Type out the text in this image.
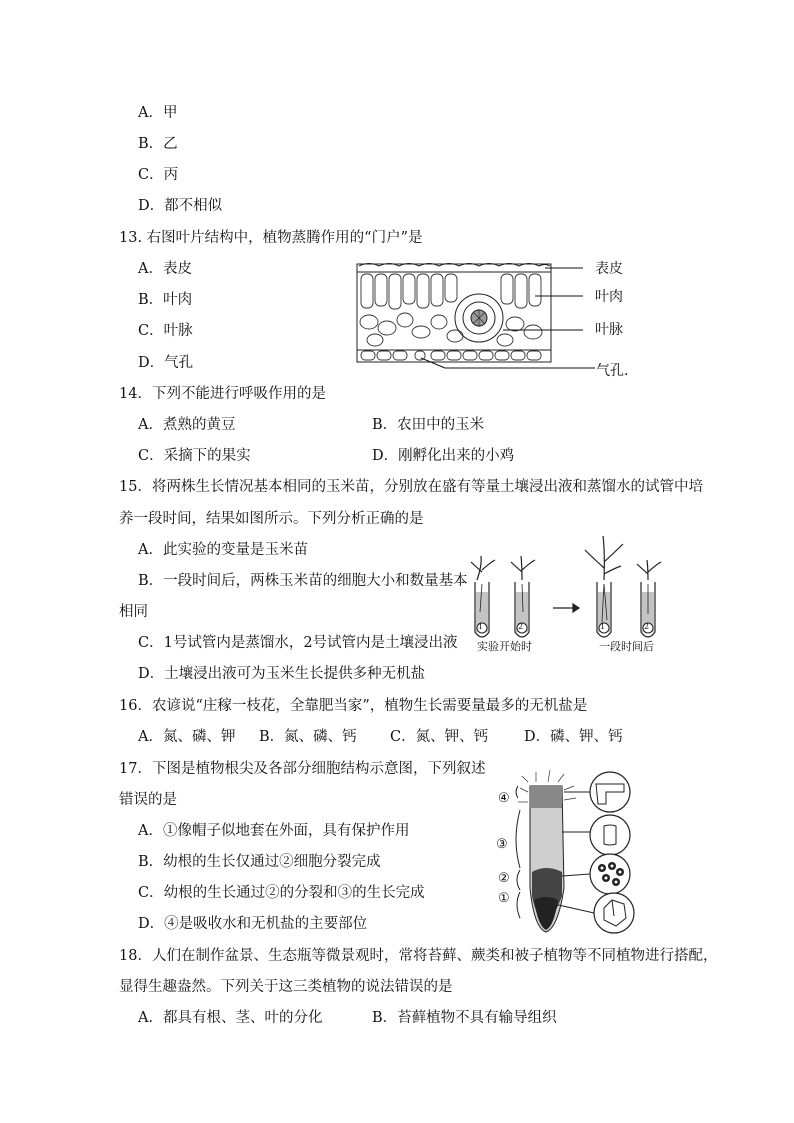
A．甲
B．乙
C．丙
D．都不相似
13. 右图叶片结构中，植物蒸腾作用的“门户”是
A．表皮
B．叶肉
C．叶脉
D．气孔
表皮
叶肉
叶脉
气孔.
14．下列不能进行呼吸作用的是
A．煮熟的黄豆	B．农田中的玉米
C．采摘下的果实	D．刚孵化出来的小鸡
15．将两株生长情况基本相同的玉米苗，分别放在盛有等量土壤浸出液和蒸馏水的试管中培
养一段时间，结果如图所示。下列分析正确的是
A．此实验的变量是玉米苗
B．一段时间后，两株玉米苗的细胞大小和数量基本
相同
C．1号试管内是蒸馏水，2号试管内是土壤浸出液
D．土壤浸出液可为玉米生长提供多种无机盐
1	2	1	2
实验开始时	一段时间后
16．农谚说“庄稼一枝花，全靠肥当家”，植物生长需要量最多的无机盐是
A．氮、磷、钾 B．氮、磷、钙 C．氮、钾、钙 D．磷、钾、钙
17．下图是植物根尖及各部分细胞结构示意图，下列叙述
错误的是
A．①像帽子似地套在外面，具有保护作用
B．幼根的生长仅通过②细胞分裂完成
C．幼根的生长通过②的分裂和③的生长完成
D．④是吸收水和无机盐的主要部位
④
③
②
①
18．人们在制作盆景、生态瓶等微景观时，常将苔藓、蕨类和被子植物等不同植物进行搭配，
显得生趣盎然。下列关于这三类植物的说法错误的是
A．都具有根、茎、叶的分化	B．苔藓植物不具有输导组织
